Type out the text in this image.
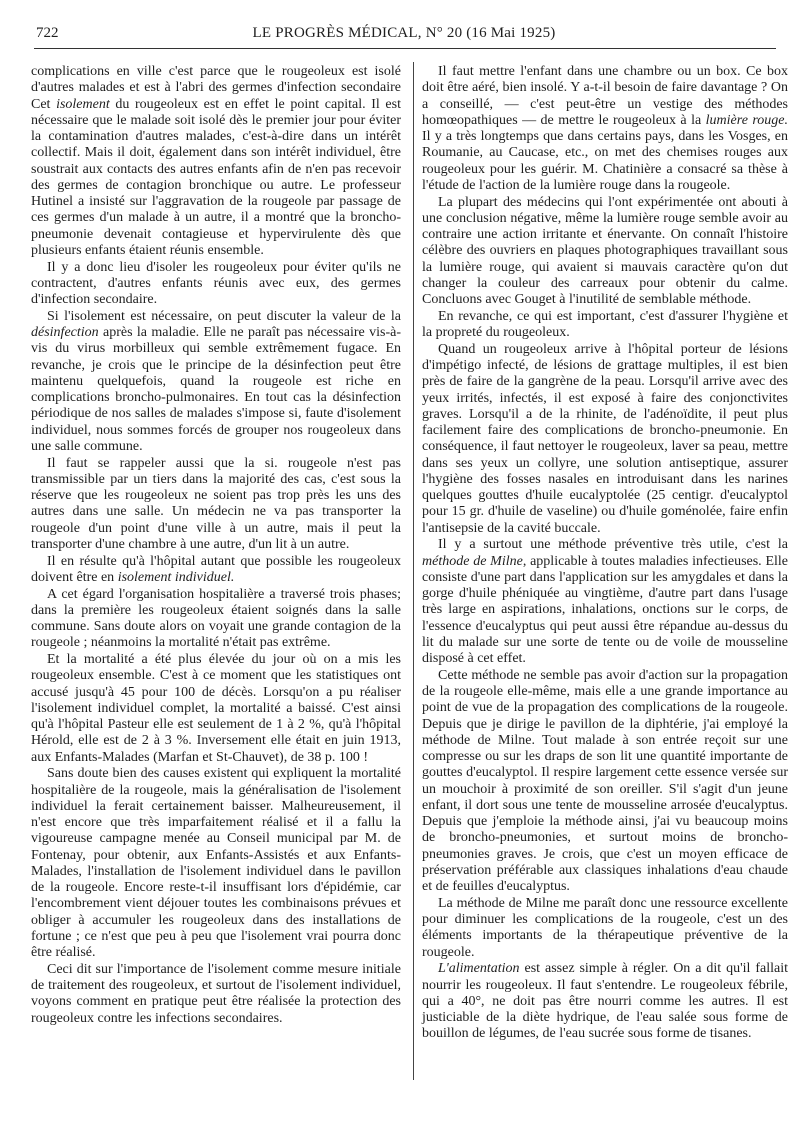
722	LE PROGRÈS MÉDICAL, N° 20 (16 Mai 1925)

complications en ville c'est parce que le rougeoleux est isolé d'autres malades et est à l'abri des germes d'infection secondaire Cet isolement du rougeoleux est en effet le point capital. Il est nécessaire que le malade soit isolé dès le premier jour pour éviter la contamination d'autres malades, c'est-à-dire dans un intérêt collectif. Mais il doit, également dans son intérêt individuel, être soustrait aux contacts des autres enfants afin de n'en pas recevoir des germes de contagion bronchique ou autre. Le professeur Hutinel a insisté sur l'aggravation de la rougeole par passage de ces germes d'un malade à un autre, il a montré que la broncho-pneumonie devenait contagieuse et hypervirulente dès que plusieurs enfants étaient réunis ensemble.

Il y a donc lieu d'isoler les rougeoleux pour éviter qu'ils ne contractent, d'autres enfants réunis avec eux, des germes d'infection secondaire.

Si l'isolement est nécessaire, on peut discuter la valeur de la désinfection après la maladie. Elle ne paraît pas nécessaire vis-à-vis du virus morbilleux qui semble extrêmement fugace. En revanche, je crois que le principe de la désinfection peut être maintenu quelquefois, quand la rougeole est riche en complications broncho-pulmonaires. En tout cas la désinfection périodique de nos salles de malades s'impose si, faute d'isolement individuel, nous sommes forcés de grouper nos rougeoleux dans une salle commune.

Il faut se rappeler aussi que la si. rougeole n'est pas transmissible par un tiers dans la majorité des cas, c'est sous la réserve que les rougeoleux ne soient pas trop près les uns des autres dans une salle. Un médecin ne va pas transporter la rougeole d'un point d'une ville à un autre, mais il peut la transporter d'une chambre à une autre, d'un lit à un autre.

Il en résulte qu'à l'hôpital autant que possible les rougeoleux doivent être en isolement individuel.

A cet égard l'organisation hospitalière a traversé trois phases; dans la première les rougeoleux étaient soignés dans la salle commune. Sans doute alors on voyait une grande contagion de la rougeole ; néanmoins la mortalité n'était pas extrême.

Et la mortalité a été plus élevée du jour où on a mis les rougeoleux ensemble. C'est à ce moment que les statistiques ont accusé jusqu'à 45 pour 100 de décès. Lorsqu'on a pu réaliser l'isolement individuel complet, la mortalité a baissé. C'est ainsi qu'à l'hôpital Pasteur elle est seulement de 1 à 2 %, qu'à l'hôpital Hérold, elle est de 2 à 3 %. Inversement elle était en juin 1913, aux Enfants-Malades (Marfan et St-Chauvet), de 38 p. 100 !

Sans doute bien des causes existent qui expliquent la mortalité hospitalière de la rougeole, mais la généralisation de l'isolement individuel la ferait certainement baisser. Malheureusement, il n'est encore que très imparfaitement réalisé et il a fallu la vigoureuse campagne menée au Conseil municipal par M. de Fontenay, pour obtenir, aux Enfants-Assistés et aux Enfants-Malades, l'installation de l'isolement individuel dans le pavillon de la rougeole. Encore reste-t-il insuffisant lors d'épidémie, car l'encombrement vient déjouer toutes les combinaisons prévues et obliger à accumuler les rougeoleux dans des installations de fortune ; ce n'est que peu à peu que l'isolement vrai pourra donc être réalisé.

Ceci dit sur l'importance de l'isolement comme mesure initiale de traitement des rougeoleux, et surtout de l'isolement individuel, voyons comment en pratique peut être réalisée la protection des rougeoleux contre les infections secondaires.

Il faut mettre l'enfant dans une chambre ou un box. Ce box doit être aéré, bien insolé. Y a-t-il besoin de faire davantage ? On a conseillé, — c'est peut-être un vestige des méthodes homœopathiques — de mettre le rougeoleux à la lumière rouge. Il y a très longtemps que dans certains pays, dans les Vosges, en Roumanie, au Caucase, etc., on met des chemises rouges aux rougeoleux pour les guérir. M. Chatinière a consacré sa thèse à l'étude de l'action de la lumière rouge dans la rougeole.

La plupart des médecins qui l'ont expérimentée ont abouti à une conclusion négative, même la lumière rouge semble avoir au contraire une action irritante et énervante. On connaît l'histoire célèbre des ouvriers en plaques photographiques travaillant sous la lumière rouge, qui avaient si mauvais caractère qu'on dut changer la couleur des carreaux pour obtenir du calme. Concluons avec Gouget à l'inutilité de semblable méthode.

En revanche, ce qui est important, c'est d'assurer l'hygiène et la propreté du rougeoleux.

Quand un rougeoleux arrive à l'hôpital porteur de lésions d'impétigo infecté, de lésions de grattage multiples, il est bien près de faire de la gangrène de la peau. Lorsqu'il arrive avec des yeux irrités, infectés, il est exposé à faire des conjonctivites graves. Lorsqu'il a de la rhinite, de l'adénoïdite, il peut plus facilement faire des complications de broncho-pneumonie. En conséquence, il faut nettoyer le rougeoleux, laver sa peau, mettre dans ses yeux un collyre, une solution antiseptique, assurer l'hygiène des fosses nasales en introduisant dans les narines quelques gouttes d'huile eucalyptolée (25 centigr. d'eucalyptol pour 15 gr. d'huile de vaseline) ou d'huile goménolée, faire enfin l'antisepsie de la cavité buccale.

Il y a surtout une méthode préventive très utile, c'est la méthode de Milne, applicable à toutes maladies infectieuses. Elle consiste d'une part dans l'application sur les amygdales et dans la gorge d'huile phéniquée au vingtième, d'autre part dans l'usage très large en aspirations, inhalations, onctions sur le corps, de l'essence d'eucalyptus qui peut aussi être répandue au-dessus du lit du malade sur une sorte de tente ou de voile de mousseline disposé à cet effet.

Cette méthode ne semble pas avoir d'action sur la propagation de la rougeole elle-même, mais elle a une grande importance au point de vue de la propagation des complications de la rougeole. Depuis que je dirige le pavillon de la diphtérie, j'ai employé la méthode de Milne. Tout malade à son entrée reçoit sur une compresse ou sur les draps de son lit une quantité importante de gouttes d'eucalyptol. Il respire largement cette essence versée sur un mouchoir à proximité de son oreiller. S'il s'agit d'un jeune enfant, il dort sous une tente de mousseline arrosée d'eucalyptus. Depuis que j'emploie la méthode ainsi, j'ai vu beaucoup moins de broncho-pneumonies, et surtout moins de broncho-pneumonies graves. Je crois, que c'est un moyen efficace de préservation préférable aux classiques inhalations d'eau chaude et de feuilles d'eucalyptus.

La méthode de Milne me paraît donc une ressource excellente pour diminuer les complications de la rougeole, c'est un des éléments importants de la thérapeutique préventive de la rougeole.

L'alimentation est assez simple à régler. On a dit qu'il fallait nourrir les rougeoleux. Il faut s'entendre. Le rougeoleux fébrile, qui a 40°, ne doit pas être nourri comme les autres. Il est justiciable de la diète hydrique, de l'eau salée sous forme de bouillon de légumes, de l'eau sucrée sous forme de tisanes.
